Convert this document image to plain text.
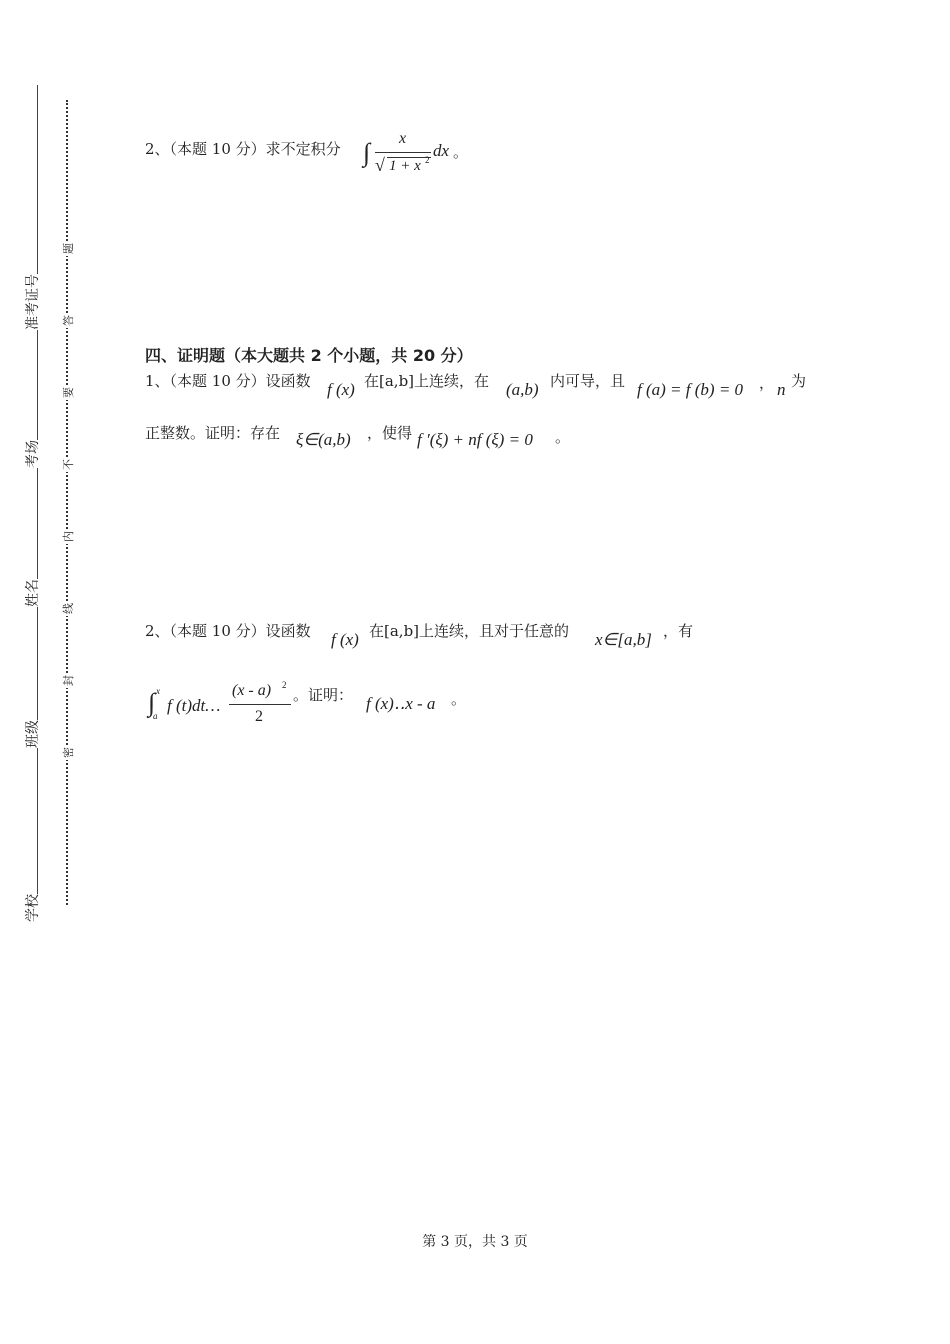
准考证号
考场
姓名
班级
学校
题
答
要
不
内
线
封
密
2、（本题 10 分）求不定积分 ∫ x
√ 1 + x 2 dx 。
四、证明题（本大题共 2 个小题，共 20 分）
1、（本题 10 分）设函数 f (x) 在[a,b]上连续，在 (a,b) 内可导，且 f (a) = f (b) = 0 ， n 为
正整数。证明：存在 ξ∈(a,b) ，使得 f ′(ξ) + nf (ξ) = 0 。
2、（本题 10 分）设函数 f (x) 在[a,b]上连续，且对于任意的 x∈[a,b] ，有
∫ x
a
f (t)dt…
(x - a) 2
2
。证明： f (x)‥x - a 。
第 3 页，共 3 页
